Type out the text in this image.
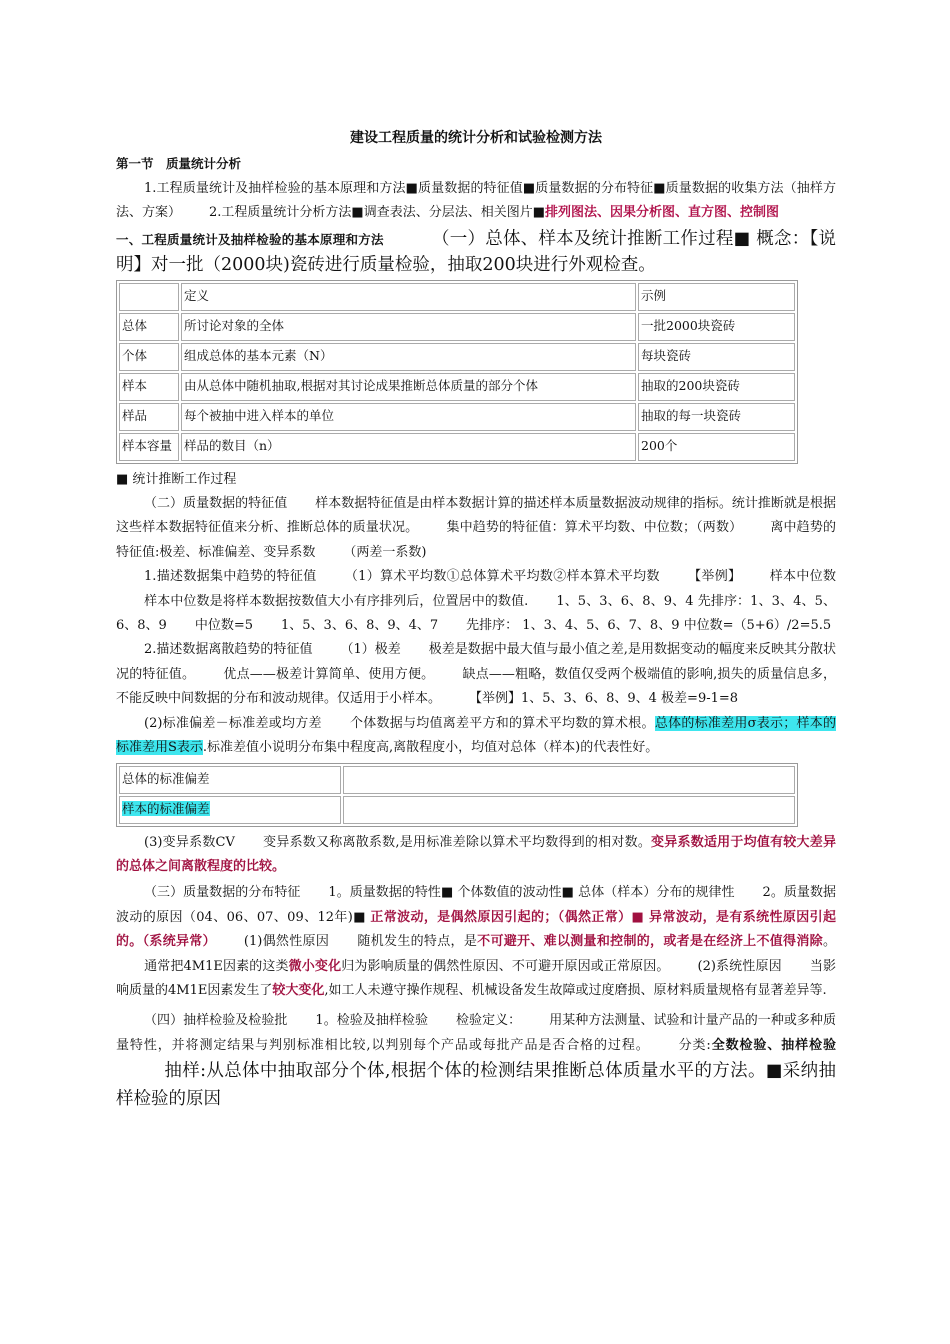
建设工程质量的统计分析和试验检测方法
第一节　质量统计分析

1.工程质量统计及抽样检验的基本原理和方法■质量数据的特征值■质量数据的分布特征■质量数据的收集方法（抽样方法、方案） 2.工程质量统计分析方法■调查表法、分层法、相关图片■排列图法、因果分析图、直方图、控制图

一、工程质量统计及抽样检验的基本原理和方法	（一）总体、样本及统计推断工作过程■ 概念：【说明】对一批（2000块)瓷砖进行质量检验，抽取200块进行外观检查。

	定义	示例
总体	所讨论对象的全体	一批2000块瓷砖
个体	组成总体的基本元素（N）	每块瓷砖
样本	由从总体中随机抽取,根据对其讨论成果推断总体质量的部分个体	抽取的200块瓷砖
样品	每个被抽中进入样本的单位	抽取的每一块瓷砖
样本容量	样品的数目（n）	200个

■ 统计推断工作过程

（二）质量数据的特征值 样本数据特征值是由样本数据计算的描述样本质量数据波动规律的指标。统计推断就是根据这些样本数据特征值来分析、推断总体的质量状况。 集中趋势的特征值：算术平均数、中位数；（两数） 离中趋势的特征值:极差、标准偏差、变异系数 （两差一系数)

1.描述数据集中趋势的特征值 （1）算术平均数①总体算术平均数②样本算术平均数 【举例】 样本中位数样本中位数是将样本数据按数值大小有序排列后，位置居中的数值. 1、5、3、6、8、9、4 先排序：1、3、4、5、6、8、9 中位数=5 1、5、3、6、8、9、4、7 先排序： 1、3、4、5、6、7、8、9 中位数=（5+6）/2=5.5

2.描述数据离散趋势的特征值 （1）极差 极差是数据中最大值与最小值之差,是用数据变动的幅度来反映其分散状况的特征值。 优点——极差计算简单、使用方便。 缺点——粗略，数值仅受两个极端值的影响,损失的质量信息多，不能反映中间数据的分布和波动规律。仅适用于小样本。 【举例】1、5、3、6、8、9、4 极差=9-1=8

(2)标准偏差－标准差或均方差 个体数据与均值离差平方和的算术平均数的算术根。总体的标准差用σ表示；样本的标准差用S表示.标准差值小说明分布集中程度高,离散程度小，均值对总体（样本)的代表性好。

总体的标准偏差	
样本的标准偏差	

(3)变异系数CV 变异系数又称离散系数,是用标准差除以算术平均数得到的相对数。变异系数适用于均值有较大差异的总体之间离散程度的比较。

（三）质量数据的分布特征 1。质量数据的特性■ 个体数值的波动性■ 总体（样本）分布的规律性 2。质量数据波动的原因（04、06、07、09、12年)■ 正常波动，是偶然原因引起的；（偶然正常）■ 异常波动，是有系统性原因引起的。（系统异常） (1)偶然性原因 随机发生的特点，是不可避开、难以测量和控制的，或者是在经济上不值得消除。通常把4M1E因素的这类微小变化归为影响质量的偶然性原因、不可避开原因或正常原因。 (2)系统性原因 当影响质量的4M1E因素发生了较大变化,如工人未遵守操作规程、机械设备发生故障或过度磨损、原材料质量规格有显著差异等.

（四）抽样检验及检验批 1。检验及抽样检验 检验定义： 用某种方法测量、试验和计量产品的一种或多种质量特性，并将测定结果与判别标准相比较,以判别每个产品或每批产品是否合格的过程。 分类:全数检验、抽样检验抽样:从总体中抽取部分个体,根据个体的检测结果推断总体质量水平的方法。■采纳抽样检验的原因
